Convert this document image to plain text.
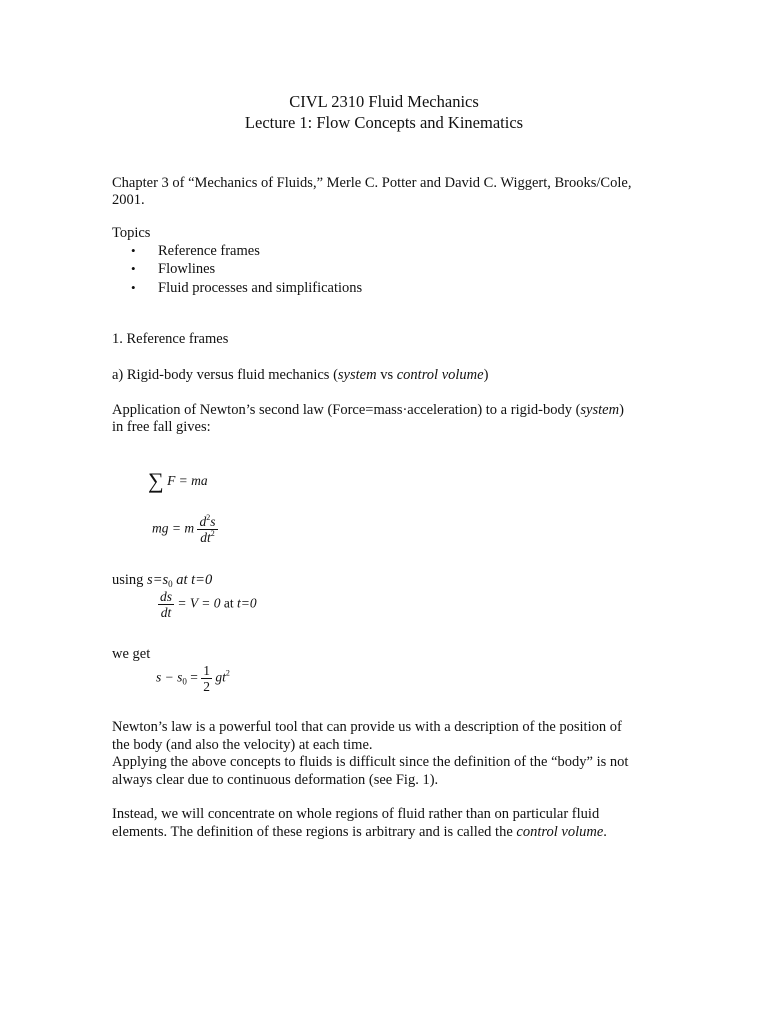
CIVL 2310 Fluid Mechanics
Lecture 1: Flow Concepts and Kinematics
Chapter 3 of “Mechanics of Fluids,” Merle C. Potter and David C. Wiggert, Brooks/Cole,
2001.
Topics
• Reference frames
• Flowlines
• Fluid processes and simplifications
1. Reference frames
a) Rigid-body versus fluid mechanics (system vs control volume)
Application of Newton’s second law (Force=mass·acceleration) to a rigid-body (system)
in free fall gives:
∑ F = ma
mg = m $\frac{d^2s}{dt^2}$
using $s=s_0$ at t=0
$\frac{ds}{dt} = V = 0$ at t=0
we get
$s - s_0 = \frac{1}{2} gt^2$
Newton’s law is a powerful tool that can provide us with a description of the position of
the body (and also the velocity) at each time.
Applying the above concepts to fluids is difficult since the definition of the “body” is not
always clear due to continuous deformation (see Fig. 1).
Instead, we will concentrate on whole regions of fluid rather than on particular fluid
elements. The definition of these regions is arbitrary and is called the control volume.
